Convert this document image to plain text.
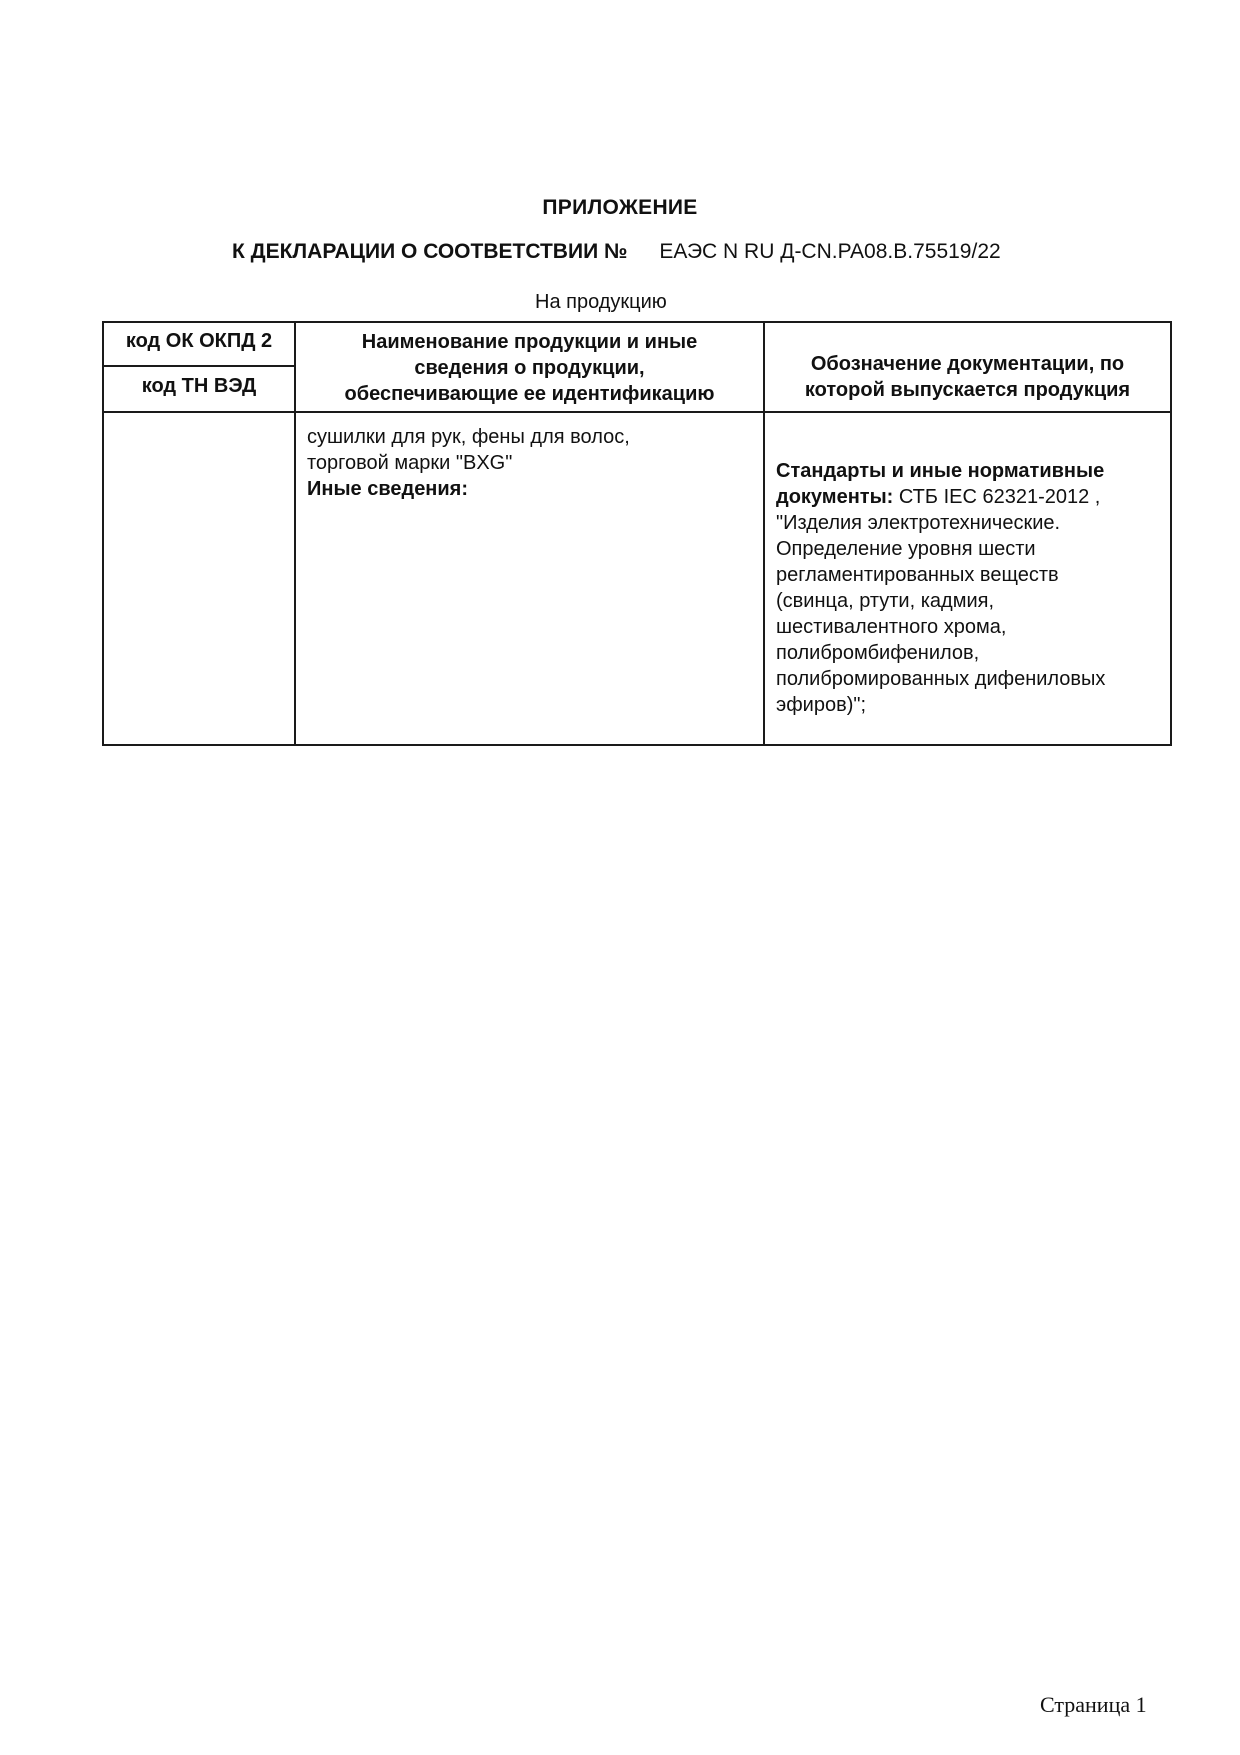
ПРИЛОЖЕНИЕ
К ДЕКЛАРАЦИИ О СООТВЕТСТВИИ № ЕАЭС N RU Д-CN.PA08.B.75519/22
На продукцию
код ОК ОКПД 2
код ТН ВЭД
Наименование продукции и иные
сведения о продукции,
обеспечивающие ее идентификацию
Обозначение документации, по
которой выпускается продукция
сушилки для рук, фены для волос,
торговой марки "BXG"
Иные сведения:
Стандарты и иные нормативные
документы: СТБ IEC 62321-2012 ,
"Изделия электротехнические.
Определение уровня шести
регламентированных веществ
(свинца, ртути, кадмия,
шестивалентного хрома,
полибромбифенилов,
полибромированных дифениловых
эфиров)";
Страница 1
